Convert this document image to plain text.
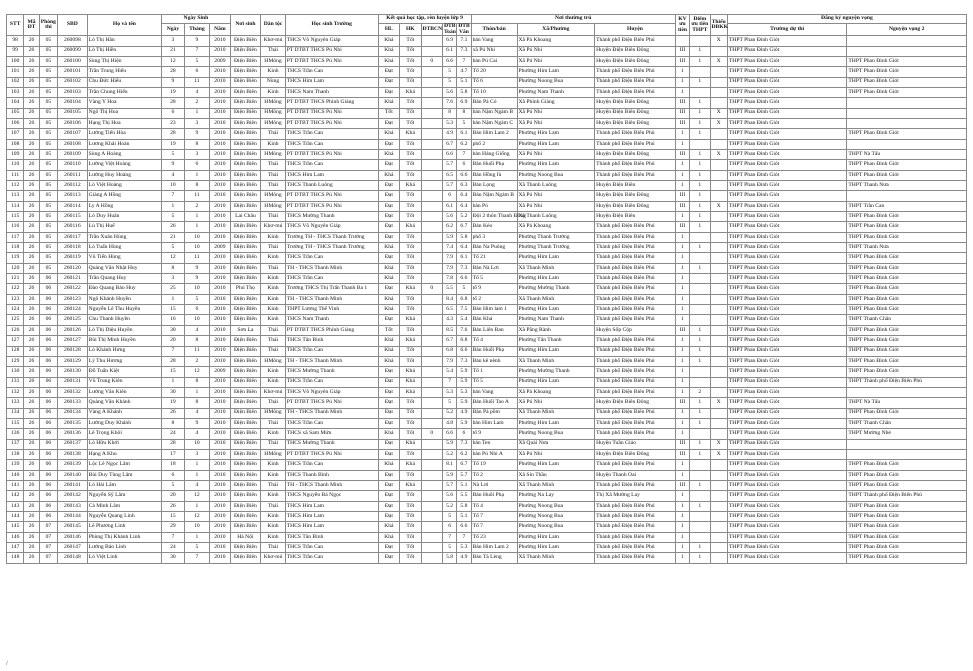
STT	Mã ĐT	Phòng thi	SBD	Họ và tên	Ngày Sinh			Nơi sinh	Dân tộc	Học sinh Trường	Kết quả học tập, rèn luyện lớp 9					Nơi thường trú			KV ưu tiên	Điểm ưu tiên THPT	Thiếu ĐBKK	Đăng ký nguyện vọng	
					Ngày	Tháng	Năm				HL	HK	ĐTBCN	ĐTB Toán	ĐTB Văn	Thôn/bản	Xã/Phường	Huyện				Trường dự thi	Nguyện vọng 2
98	26	05	260098	Lò Thị Hân	3	9	2010	Điện Biên	Khơ-mú	THCS Võ Nguyên Giáp	Khá	Tốt		6.9	7.1	bản Vang	Xã Pá Khoang	Thành phố Điện Biên Phủ			X	THPT Phan Đình Giót	
99	26	05	260099	Lò Thị Hiền	21	7	2010	Điện Biên	Thái	PT DTBT THCS Pú Nhi	Khá	Tốt		6.1	7.3	xã Pú Nhi	Xã Pú Nhi	Huyện Điện Biên Đông	III	1		THPT Phan Đình Giót	
100	26	05	260100	Sùng Thị Hiện	12	5	2009	Điện Biên	HMông	PT DTBT THCS Pú Nhi	Khá	Tốt	0	6.6	7	bản Pú Cai	Xã Pú Nhi	Huyện Điện Biên Đông	III	1	X	THPT Phan Đình Giót	THPT Phan Đình Giót
101	26	05	260101	Trần Trung Hiếu	28	6	2010	Điện Biên	Kinh	THCS Trần Can	Đạt	Tốt		5	4.7	Tổ 20	Phường Him Lam	Thành phố Điện Biên Phủ	1			THPT Phan Đình Giót	THPT Phan Đình Giót
102	26	05	260102	Chu Đức Hiếu	9	11	2010	Điện Biên	Nùng	THCS Him Lam	Đạt	Tốt		5	5.1	Tổ 6	Phường Noong Bua	Thành phố Điện Biên Phủ	1	1		THPT Phan Đình Giót	THPT Phan Đình Giót
103	26	05	260103	Trần Chung Hiếu	19	4	2010	Điện Biên	Kinh	THCS Nam Thanh	Đạt	Khá		5.6	5.8	Tổ 10	Phường Nam Thanh	Thành phố Điện Biên Phủ	1			THPT Phan Đình Giót	THPT Phan Đình Giót
104	26	05	260104	Vàng Y Hoa	28	2	2010	Điện Biên	HMông	PT DTBT THCS Phình Giàng	Khá	Tốt		7.6	6.9	Bản Pá Có	Xã Phình Giàng	Huyện Điện Biên Đông	III	1		THPT Phan Đình Giót	
105	26	05	260105	Ngô Thị Hoa	6	1	2010	Điện Biên	HMông	PT DTBT THCS Pú Nhi	Tốt	Tốt		8	8	bản Nậm Ngám B	Xã Pú Nhi	Huyện Điện Biên Đông	III	1	X	THPT Phan Đình Giót	
106	26	05	260106	Hạng Thị Hoa	23	3	2010	Điện Biên	HMông	PT DTBT THCS Pú Nhi	Đạt	Tốt		5.3	5	bản Nậm Ngám C	Xã Pú Nhi	Huyện Điện Biên Đông	III	1	X	THPT Phan Đình Giót	
107	26	05	260107	Lường Tiến Hòa	28	9	2010	Điện Biên	Thái	THCS Trần Can	Khá	Khá		4.9	6.1	Bản Him Lam 2	Phường Him Lam	Thành phố Điện Biên Phủ	1	1		THPT Phan Đình Giót	THPT Phan Đình Giót
108	26	05	260108	Lương Khải Hoàn	19	8	2010	Điện Biên	Kinh	THCS Trần Can	Đạt	Tốt		6.7	6.2	phố 2	Phường Him Lam	Thành phố Điện Biên Phủ	1			THPT Phan Đình Giót	
109	26	05	260109	Sùng A Hoàng	5	3	2010	Điện Biên	HMông	PT DTBT THCS Pú Nhi	Khá	Tốt		6.6	7	bản Háng Giống	Xã Pú Nhi	Huyện Điện Biên Đông	III	1	X	THPT Phan Đình Giót	THPT Nà Tấu
110	26	05	260110	Lường Việt Hoàng	9	6	2010	Điện Biên	Thái	THCS Trần Can	Đạt	Tốt		5.7	6	Bản Huổi Phạ	Phường Him Lam	Thành phố Điện Biên Phủ	1	1		THPT Phan Đình Giót	THPT Phan Đình Giót
111	26	05	260111	Lường Huy Hoàng	4	1	2010	Điện Biên	Thái	THCS Him Lam	Khá	Tốt		6.5	6.6	Bản Hồng Iù	Phường Noong Bua	Thành phố Điện Biên Phủ	1	1		THPT Phan Đình Giót	THPT Phan Đình Giót
112	26	05	260112	Lò Việt Hoàng	10	8	2010	Điện Biên	Thái	THCS Thanh Luông	Đạt	Khá		5.7	6.3	Bản Lọng	Xã Thanh Luông	Huyện Điện Biên	1	1		THPT Phan Đình Giót	THPT Thanh Nưa
113	26	05	260113	Giàng A Hồng	7	11	2010	Điện Biên	HMông	PT DTBT THCS Pú Nhi	Đạt	Tốt		6	6.4	Bản Nậm Ngám B	Xã Pú Nhi	Huyện Điện Biên Đông	III	1		THPT Phan Đình Giót	
114	26	05	260114	Ly A Hồng	1	2	2010	Điện Biên	HMông	PT DTBT THCS Pú Nhi	Đạt	Tốt		6.1	6.4	bản Pó	Xã Pú Nhi	Huyện Điện Biên Đông	III	1	X	THPT Phan Đình Giót	THPT Trần Can
115	26	05	260115	Lò Duy Huân	5	1	2010	Lai Châu	Thái	THCS Mường Thanh	Đạt	Tốt		5.6	5.2	Đội 2 thôn Thanh Đông	Xã Thanh Luông	Huyện Điện Biên	1	1		THPT Phan Đình Giót	THPT Phan Đình Giót
116	26	05	260116	Lù Thị Huế	26	1	2010	Điện Biên	Khơ-mú	THCS Võ Nguyên Giáp	Đạt	Khá		6.2	6.7	Bản Kéo	Xã Pá Khoang	Thành phố Điện Biên Phủ	III	1		THPT Phan Đình Giót	THPT Phan Đình Giót
117	26	05	260117	Trần Xuân Hùng	21	10	2010	Điện Biên	Kinh	Trường TH - THCS Thanh Trường	Đạt	Tốt		5.9	5.8	phố 3	Phường Thanh Trường	Thành phố Điện Biên Phủ	1			THPT Phan Đình Giót	THPT Phan Đình Giót
118	26	05	260118	Lò Tuấn Hùng	5	10	2009	Điện Biên	Thái	Trường TH - THCS Thanh Trường	Khá	Tốt		7.4	6.4	Bản Na Puông	Phường Thanh Trường	Thành phố Điện Biên Phủ	1	1		THPT Phan Đình Giót	THPT Thanh Nưa
119	26	05	260119	Vũ Tiến Hùng	12	11	2010	Điện Biên	Kinh	THCS Trần Can	Đạt	Tốt		7.9	6.1	Tổ 21	Phường Him Lam	Thành phố Điện Biên Phủ	1			THPT Phan Đình Giót	THPT Phan Đình Giót
120	26	05	260120	Quàng Văn Nhật Huy	8	9	2010	Điện Biên	Thái	TH - THCS Thanh Minh	Khá	Tốt		7.9	7.3	Bản Nà Lơi	Xã Thanh Minh	Thành phố Điện Biên Phủ	1	1		THPT Phan Đình Giót	THPT Phan Đình Giót
121	26	06	260121	Trần Quang Huy	3	9	2010	Điện Biên	Kinh	THCS Trần Can	Khá	Tốt		7.8	6.6	Tổ 5	Phường Him Lam	Thành phố Điện Biên Phủ	1			THPT Phan Đình Giót	THPT Phan Đình Giót
122	26	06	260122	Đào Quang Bảo Huy	25	10	2010	Phú Thọ	Kinh	Trường THCS Thị Trấn Thanh Ba 1	Đạt	Khá	0	5.5	5	tổ 9	Phường Mường Thanh	Thành phố Điện Biên Phủ	1			THPT Phan Đình Giót	THPT Phan Đình Giót
123	26	06	260123	Ngô Khánh Huyền	1	5	2010	Điện Biên	Kinh	TH - THCS Thanh Minh	Khá	Tốt		8.4	6.8	tổ 2	Xã Thanh Minh	Thành phố Điện Biên Phủ	1			THPT Phan Đình Giót	THPT Phan Đình Giót
124	26	06	260124	Nguyễn Lê Thu Huyền	15	6	2010	Điện Biên	Kinh	THPT Lương Thế Vinh	Khá	Tốt		6.5	7.5	Bản Him lam 1	Phường Him Lam	Thành phố Điện Biên Phủ	1			THPT Phan Đình Giót	THPT Phan Đình Giót
125	26	06	260125	Chu Thanh Huyền	16	10	2010	Điện Biên	Kinh	THCS Nam Thanh	Đạt	Khá		4.3	5.4	Bản Khá	Phường Nam Thanh	Thành phố Điện Biên Phủ	1			THPT Phan Đình Giót	THPT Thanh Chăn
126	26	06	260126	Lò Thị Diệu Huyền	30	4	2010	Sơn La	Thái	PT DTBT THCS Phình Giàng	Tốt	Tốt		8.5	7.6	Bản Liên Ban	Xã Pắng Rành	Huyện Sốp Cộp	III	1		THPT Phan Đình Giót	THPT Phan Đình Giót
127	26	06	260127	Bùi Thị Minh Huyền	20	8	2010	Điện Biên	Thái	THCS Tân Bình	Khá	Khá		6.7	6.8	Tổ 4	Phường Tân Thanh	Thành phố Điện Biên Phủ	1	1		THPT Phan Đình Giót	THPT Phan Đình Giót
128	26	06	260128	Lò Khánh Hưng	7	11	2010	Điện Biên	Thái	THCS Trần Can	Khá	Tốt		6.8	6.6	Bản Huổi Phạ	Phường Him Lam	Thành phố Điện Biên Phủ	1	1		THPT Phan Đình Giót	THPT Phan Đình Giót
129	26	06	260129	Lý Thu Hương	28	2	2010	Điện Biên	HMông	TH - THCS Thanh Minh	Khá	Tốt		7.9	7.3	Bản kê nênh	Xã Thanh Minh	Thành phố Điện Biên Phủ	1	1		THPT Phan Đình Giót	THPT Phan Đình Giót
130	26	06	260130	Đỗ Tuấn Kiệt	15	12	2009	Điện Biên	Kinh	THCS Mường Thanh	Đạt	Khá		5.4	5.9	Tổ 1	Phường Mường Thanh	Thành phố Điện Biên Phủ	1			THPT Phan Đình Giót	THPT Phan Đình Giót
131	26	06	260131	Vũ Trung Kiên	1	8	2010	Điện Biên	Kinh	THCS Trần Can	Đạt	Khá		7	5.9	Tổ 5	Phường Him Lam	Thành phố Điện Biên Phủ	1			THPT Phan Đình Giót	THPT Thành phố Điện Biên Phủ
132	26	06	260132	Lường Văn Kiên	30	1	2010	Điện Biên	Khơ-mú	THCS Võ Nguyên Giáp	Đạt	Khá		5.3	5.3	bản Vang	Xã Pá Khoang	Thành phố Điện Biên Phủ	1	2		THPT Phan Đình Giót	
133	26	06	260133	Quàng Văn Khánh	19	8	2010	Điện Biên	Thái	PT DTBT THCS Pú Nhi	Đạt	Tốt		5	5.9	Bản Huổi Tao A	Xã Pú Nhi	Huyện Điện Biên Đông	III	1	X	THPT Phan Đình Giót	THPT Nà Tấu
134	26	06	260134	Vàng A Khánh	26	4	2010	Điện Biên	HMông	TH - THCS Thanh Minh	Đạt	Tốt		5.2	4.9	Bản Pá pồm	Xã Thanh Minh	Thành phố Điện Biên Phủ	1	1		THPT Phan Đình Giót	THPT Phan Đình Giót
135	26	06	260135	Lường Duy Khánh	8	9	2010	Điện Biên	Thái	THCS Trần Can	Đạt	Tốt		4.8	5.9	bản Him Lam	Phường Him Lam	Thành phố Điện Biên Phủ	1	1		THPT Phan Đình Giót	THPT Thanh Chăn
136	26	06	260136	Lê Trọng Khôi	24	4	2010	Điện Biên	Kinh	THCS xã Sam Mứn	Khá	Tốt	0	6.6	6	tổ 9	Phường Noong Bua	Thành phố Điện Biên Phủ	1			THPT Phan Đình Giót	THPT Mường Nhé
137	26	06	260137	Lò Hữu Khởi	28	10	2010	Điện Biên	Thái	THCS Mường Thanh	Đạt	Khá		5.9	7.3	bản Ten	Xã Quài Nưa	Huyện Tuần Giáo	III	1	X	THPT Phan Đình Giót	
138	26	06	260138	Hạng A Khu	17	3	2010	Điện Biên	HMông	PT DTBT THCS Pú Nhi	Đạt	Tốt		5.2	6.2	bản Pú Nhi A	Xã Pú Nhi	Huyện Điện Biên Đông	III	1	X	THPT Phan Đình Giót	
139	26	06	260139	Lộc Lê Ngọc Lâm	18	1	2010	Điện Biên	Kinh	THCS Trần Can	Khá	Khá		8.1	6.7	Tổ 19	Phường Him Lam	Thành phố Điện Biên Phủ	1			THPT Phan Đình Giót	THPT Phan Đình Giót
140	26	06	260140	Bùi Duy Tùng Lâm	6	1	2010	Điện Biên	Kinh	THCS Thanh Bình	Đạt	Tốt		5.9	5.7	Tổ 2	Xã Sín Thầu	Huyện Thanh Oai	1			THPT Phan Đình Giót	THPT Phan Đình Giót
141	26	06	260141	Lò Hải Lâm	5	4	2010	Điện Biên	Thái	TH - THCS Thanh Minh	Đạt	Khá		5.7	5.1	Nà Lơi	Xã Thanh Minh	Thành phố Điện Biên Phủ	III	1		THPT Phan Đình Giót	THPT Phan Đình Giót
142	26	06	260142	Nguyễn Sỹ Lâm	20	12	2010	Điện Biên	Kinh	THCS Nguyễn Bá Ngọc	Đạt	Tốt		5.6	5.5	Bản Huổi Phạ	Phường Na Lay	Thị Xã Mường Lay	1			THPT Phan Đình Giót	THPT Thành phố Điện Biên Phủ
143	26	06	260143	Cà Minh Lâm	26	1	2010	Điện Biên	Thái	THCS Him Lam	Đạt	Tốt		5.2	5.8	Tổ 4	Phường Noong Bua	Thành phố Điện Biên Phủ	1	1		THPT Phan Đình Giót	THPT Phan Đình Giót
144	26	06	260144	Nguyễn Quang Linh	15	12	2010	Điện Biên	Kinh	THCS Him Lam	Đạt	Tốt		5	5.1	Tổ 7	Phường Noong Bua	Thành phố Điện Biên Phủ	1			THPT Phan Đình Giót	THPT Phan Đình Giót
145	26	07	260145	Lê Phương Linh	29	10	2010	Điện Biên	Kinh	THCS Him Lam	Khá	Tốt		6	6.6	Tổ 7	Phường Noong Bua	Thành phố Điện Biên Phủ	1			THPT Phan Đình Giót	THPT Phan Đình Giót
146	26	07	260146	Phùng Thị Khánh Linh	7	1	2010	Hà Nội	Kinh	THCS Tân Bình	Khá	Tốt		7	7	Tổ 23	Phường Him Lam	Thành phố Điện Biên Phủ	1			THPT Phan Đình Giót	THPT Phan Đình Giót
147	26	07	260147	Lường Bảo Linh	24	5	2010	Điện Biên	Thái	THCS Trần Can	Đạt	Tốt		5	5.3	Bản Him Lam 2	Phường Him Lam	Thành phố Điện Biên Phủ	1	1		THPT Phan Đình Giót	THPT Phan Đình Giót
148	26	07	260148	Lò Việt Linh	30	7	2010	Điện Biên	Khơ-mú	THCS Trần Can	Đạt	Tốt		5.8	4.9	Bản Tà Lèng	Xã Thanh Minh	Thành phố Điện Biên Phủ	1	1		THPT Phan Đình Giót	THPT Phan Đình Giót
/
